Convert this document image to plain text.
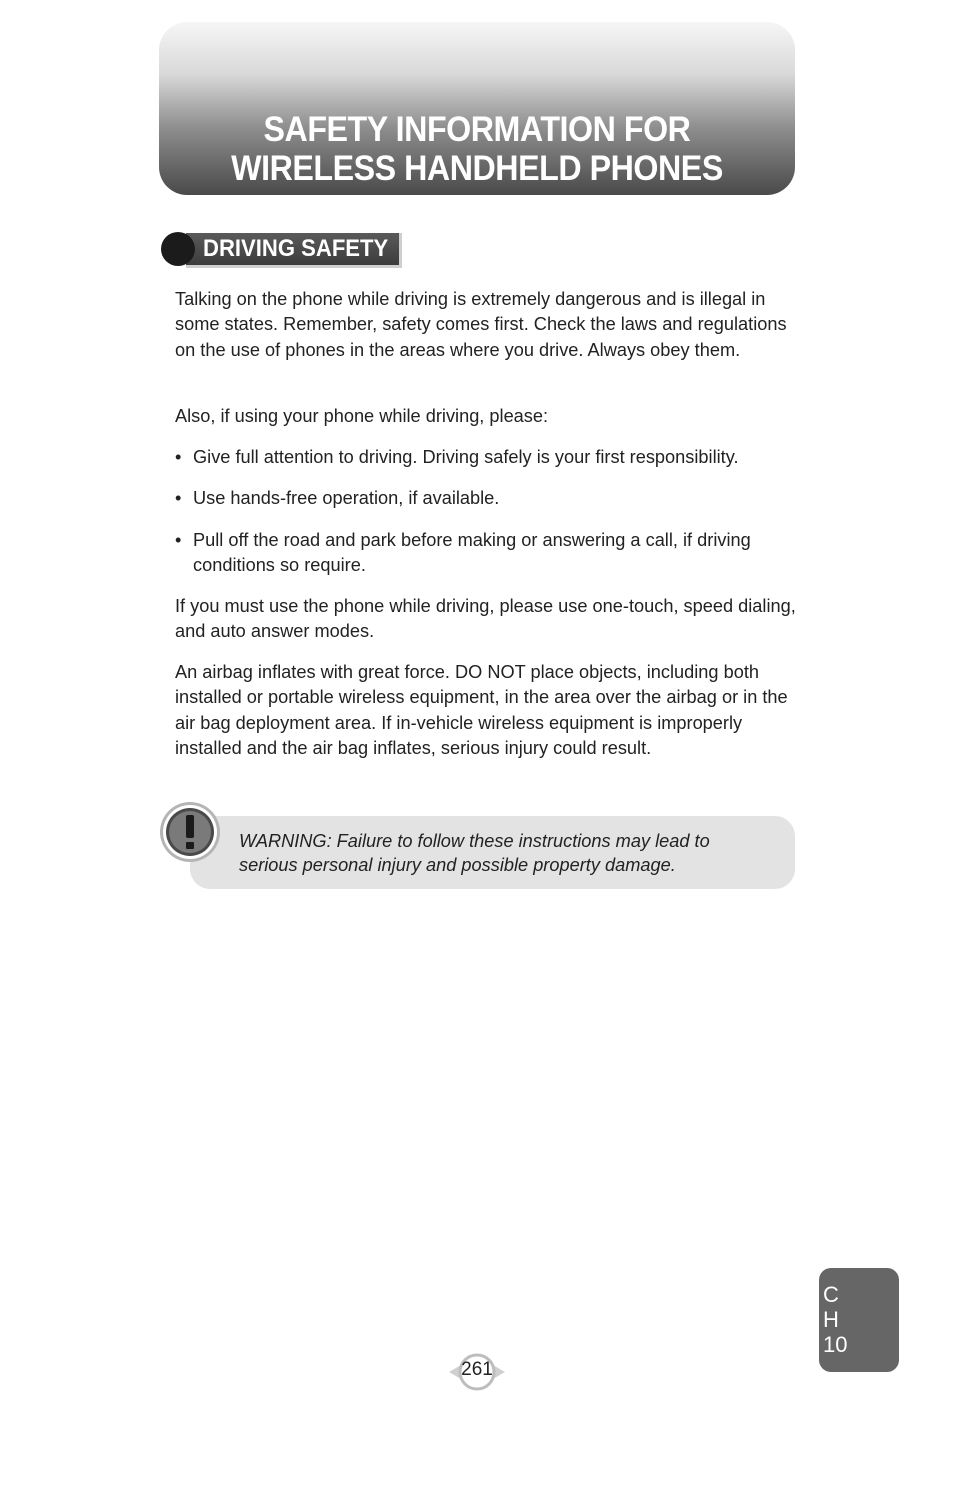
SAFETY INFORMATION FOR
WIRELESS HANDHELD PHONES
DRIVING SAFETY
Talking on the phone while driving is extremely dangerous and is illegal in some states. Remember, safety comes first. Check the laws and regulations on the use of phones in the areas where you drive. Always obey them.
Also, if using your phone while driving, please:
• Give full attention to driving. Driving safely is your first responsibility.
• Use hands-free operation, if available.
• Pull off the road and park before making or answering a call, if driving conditions so require.
If you must use the phone while driving, please use one-touch, speed dialing, and auto answer modes.
An airbag inflates with great force. DO NOT place objects, including both installed or portable wireless equipment, in the area over the airbag or in the air bag deployment area. If in-vehicle wireless equipment is improperly installed and the air bag inflates, serious injury could result.
WARNING: Failure to follow these instructions may lead to
serious personal injury and possible property damage.
C
H
10
261
